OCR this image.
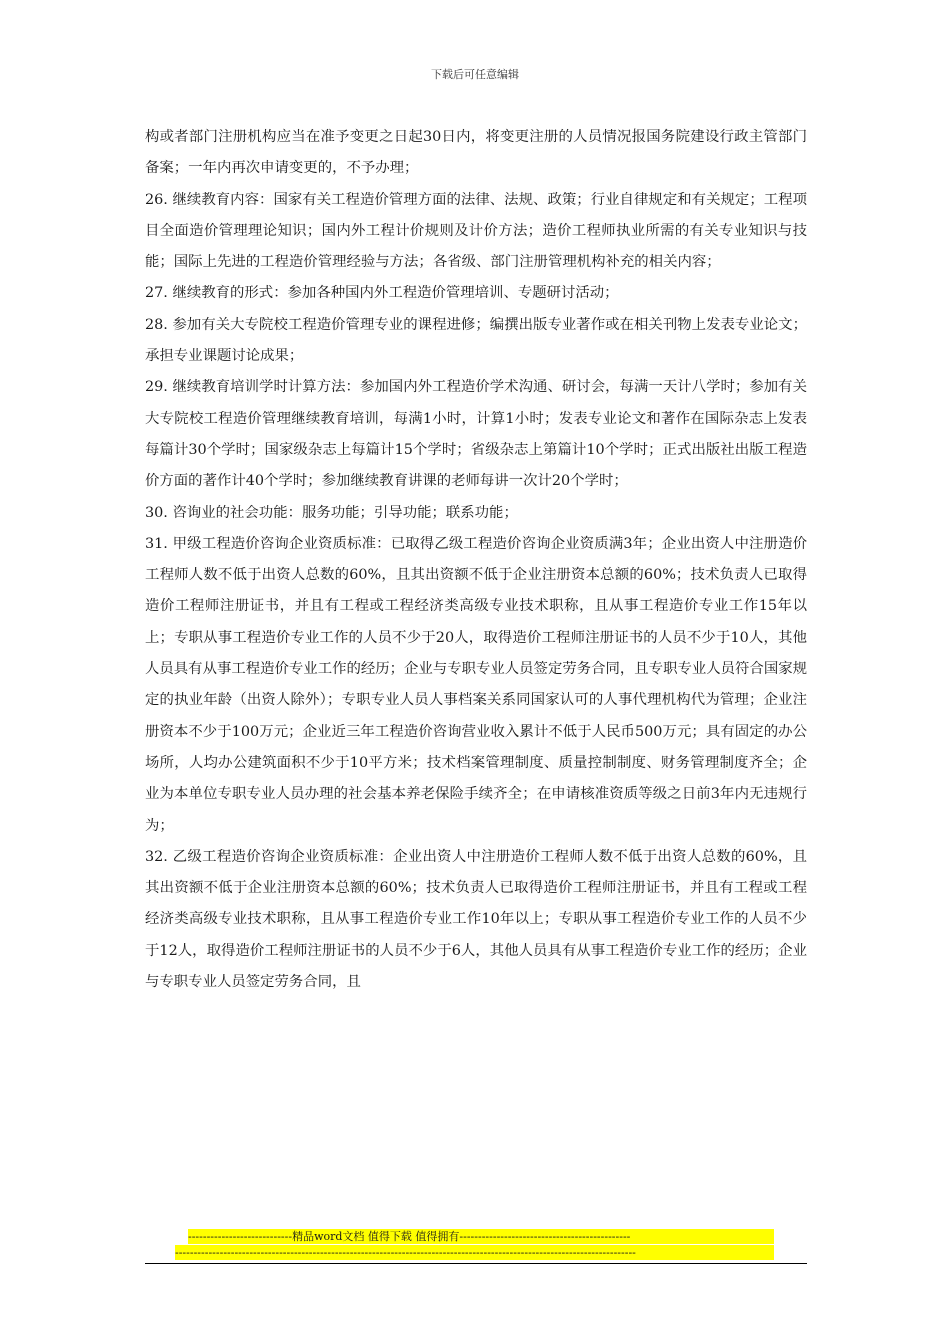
下载后可任意编辑

构或者部门注册机构应当在准予变更之日起30日内，将变更注册的人员情况报国务院建设行政主管部门备案；一年内再次申请变更的，不予办理；

26. 继续教育内容：国家有关工程造价管理方面的法律、法规、政策；行业自律规定和有关规定；工程项目全面造价管理理论知识；国内外工程计价规则及计价方法；造价工程师执业所需的有关专业知识与技能；国际上先进的工程造价管理经验与方法；各省级、部门注册管理机构补充的相关内容；

27. 继续教育的形式：参加各种国内外工程造价管理培训、专题研讨活动；

28. 参加有关大专院校工程造价管理专业的课程进修；编撰出版专业著作或在相关刊物上发表专业论文；承担专业课题讨论成果；

29. 继续教育培训学时计算方法：参加国内外工程造价学术沟通、研讨会，每满一天计八学时；参加有关大专院校工程造价管理继续教育培训，每满1小时，计算1小时；发表专业论文和著作在国际杂志上发表每篇计30个学时；国家级杂志上每篇计15个学时；省级杂志上第篇计10个学时；正式出版社出版工程造价方面的著作计40个学时；参加继续教育讲课的老师每讲一次计20个学时；

30. 咨询业的社会功能：服务功能；引导功能；联系功能；

31. 甲级工程造价咨询企业资质标准：已取得乙级工程造价咨询企业资质满3年；企业出资人中注册造价工程师人数不低于出资人总数的60%，且其出资额不低于企业注册资本总额的60%；技术负责人已取得造价工程师注册证书，并且有工程或工程经济类高级专业技术职称，且从事工程造价专业工作15年以上；专职从事工程造价专业工作的人员不少于20人，取得造价工程师注册证书的人员不少于10人，其他人员具有从事工程造价专业工作的经历；企业与专职专业人员签定劳务合同，且专职专业人员符合国家规定的执业年龄（出资人除外）；专职专业人员人事档案关系同国家认可的人事代理机构代为管理；企业注册资本不少于100万元；企业近三年工程造价咨询营业收入累计不低于人民币500万元；具有固定的办公场所，人均办公建筑面积不少于10平方米；技术档案管理制度、质量控制制度、财务管理制度齐全；企业为本单位专职专业人员办理的社会基本养老保险手续齐全；在申请核准资质等级之日前3年内无违规行为；

32. 乙级工程造价咨询企业资质标准：企业出资人中注册造价工程师人数不低于出资人总数的60%，且其出资额不低于企业注册资本总额的60%；技术负责人已取得造价工程师注册证书，并且有工程或工程经济类高级专业技术职称，且从事工程造价专业工作10年以上；专职从事工程造价专业工作的人员不少于12人，取得造价工程师注册证书的人员不少于6人，其他人员具有从事工程造价专业工作的经历；企业与专职专业人员签定劳务合同，且

----------------------------精品word文档 值得下载 值得拥有----------------------------------------------
----------------------------------------------------------------------------------------------------------------------------
